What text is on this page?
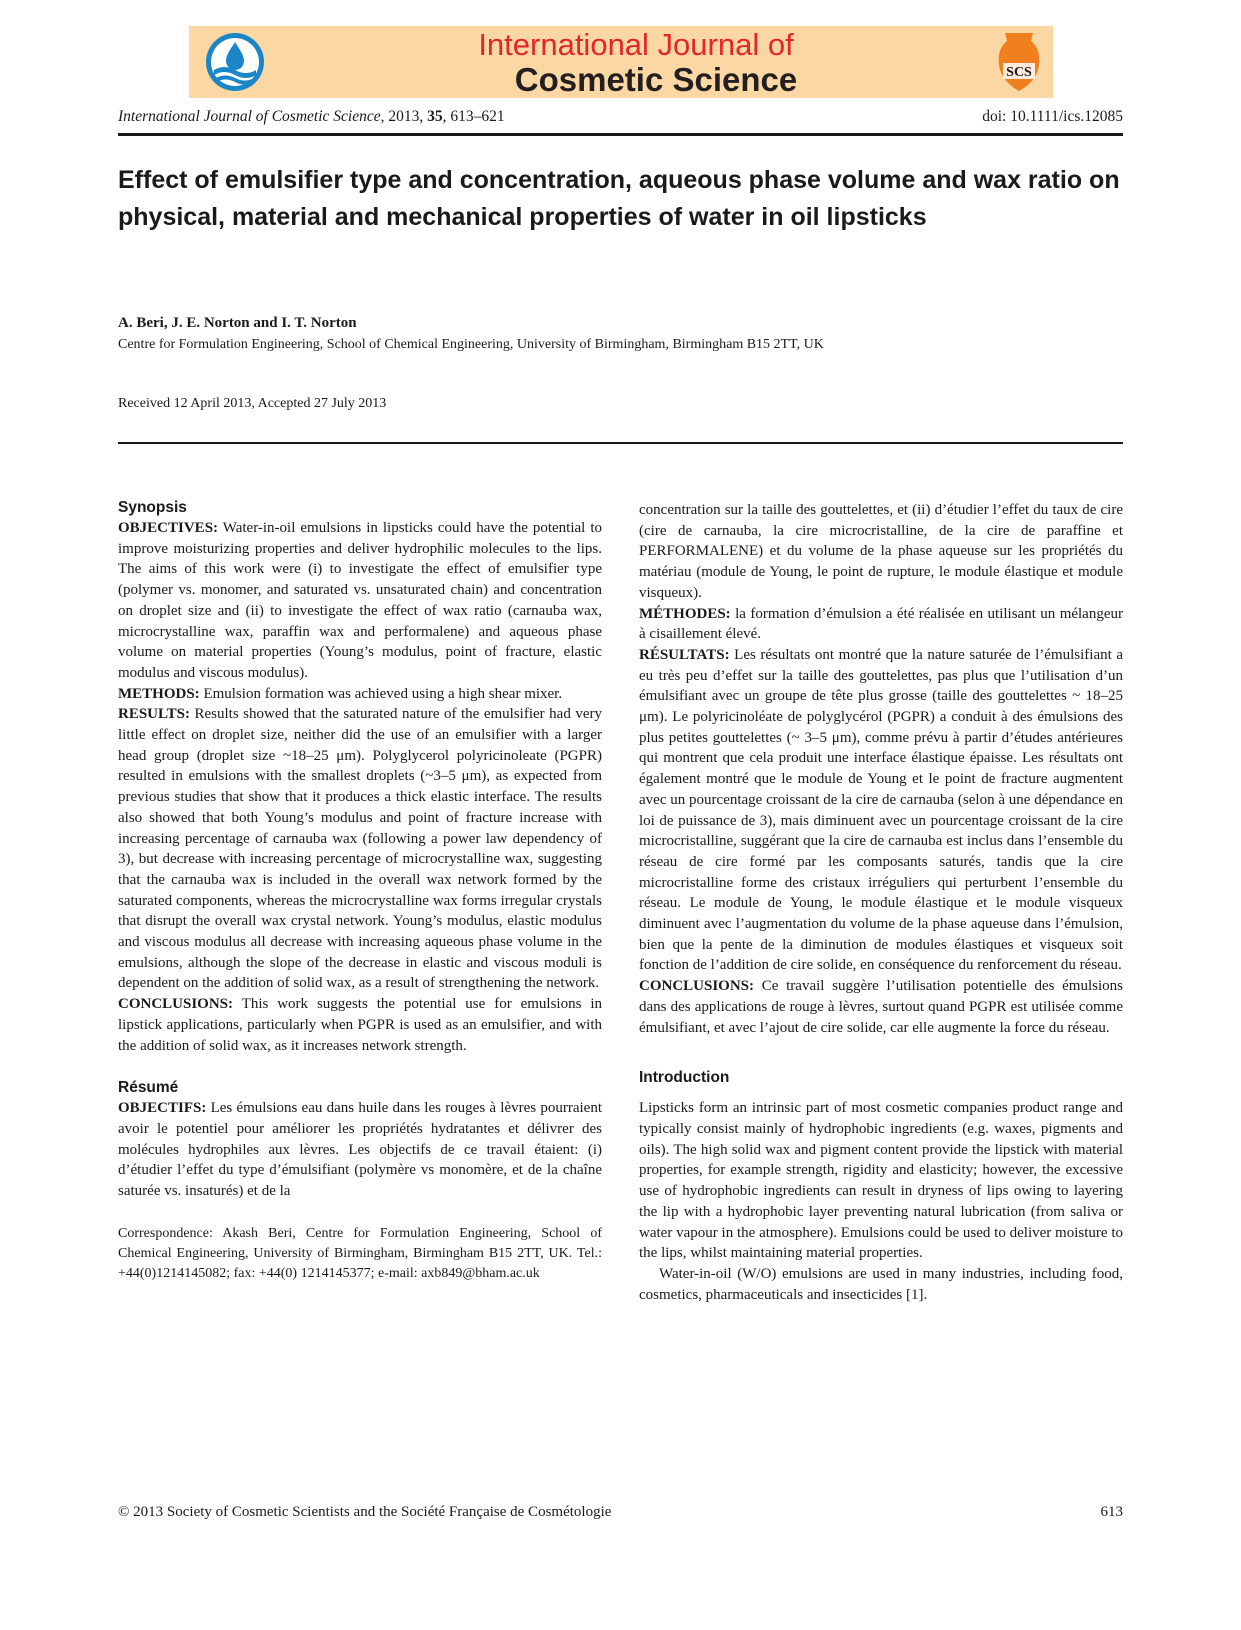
International Journal of
Cosmetic Science	SCS
International Journal of Cosmetic Science, 2013, 35, 613–621	doi: 10.1111/ics.12085
Effect of emulsifier type and concentration, aqueous phase volume and wax ratio on physical, material and mechanical properties of water in oil lipsticks
A. Beri, J. E. Norton and I. T. Norton
Centre for Formulation Engineering, School of Chemical Engineering, University of Birmingham, Birmingham B15 2TT, UK
Received 12 April 2013, Accepted 27 July 2013
Synopsis

OBJECTIVES: Water-in-oil emulsions in lipsticks could have the potential to improve moisturizing properties and deliver hydrophilic molecules to the lips. The aims of this work were (i) to investigate the effect of emulsifier type (polymer vs. monomer, and saturated vs. unsaturated chain) and concentration on droplet size and (ii) to investigate the effect of wax ratio (carnauba wax, microcrystalline wax, paraffin wax and performalene) and aqueous phase volume on material properties (Young’s modulus, point of fracture, elastic modulus and viscous modulus).

METHODS: Emulsion formation was achieved using a high shear mixer.

RESULTS: Results showed that the saturated nature of the emulsifier had very little effect on droplet size, neither did the use of an emulsifier with a larger head group (droplet size ~18–25 μm). Polyglycerol polyricinoleate (PGPR) resulted in emulsions with the smallest droplets (~3–5 μm), as expected from previous studies that show that it produces a thick elastic interface. The results also showed that both Young’s modulus and point of fracture increase with increasing percentage of carnauba wax (following a power law dependency of 3), but decrease with increasing percentage of microcrystalline wax, suggesting that the carnauba wax is included in the overall wax network formed by the saturated components, whereas the microcrystalline wax forms irregular crystals that disrupt the overall wax crystal network. Young’s modulus, elastic modulus and viscous modulus all decrease with increasing aqueous phase volume in the emulsions, although the slope of the decrease in elastic and viscous moduli is dependent on the addition of solid wax, as a result of strengthening the network.

CONCLUSIONS: This work suggests the potential use for emulsions in lipstick applications, particularly when PGPR is used as an emulsifier, and with the addition of solid wax, as it increases network strength.

Résumé

OBJECTIFS: Les émulsions eau dans huile dans les rouges à lèvres pourraient avoir le potentiel pour améliorer les propriétés hydratantes et délivrer des molécules hydrophiles aux lèvres. Les objectifs de ce travail étaient: (i) d’étudier l’effet du type d’émulsifiant (polymère vs monomère, et de la chaîne saturée vs. insaturés) et de la

Correspondence: Akash Beri, Centre for Formulation Engineering, School of Chemical Engineering, University of Birmingham, Birmingham B15 2TT, UK. Tel.: +44(0)1214145082; fax: +44(0) 1214145377; e-mail: axb849@bham.ac.uk

concentration sur la taille des gouttelettes, et (ii) d’étudier l’effet du taux de cire (cire de carnauba, la cire microcristalline, de la cire de paraffine et PERFORMALENE) et du volume de la phase aqueuse sur les propriétés du matériau (module de Young, le point de rupture, le module élastique et module visqueux).

MÉTHODES: la formation d’émulsion a été réalisée en utilisant un mélangeur à cisaillement élevé.

RÉSULTATS: Les résultats ont montré que la nature saturée de l’émulsifiant a eu très peu d’effet sur la taille des gouttelettes, pas plus que l’utilisation d’un émulsifiant avec un groupe de tête plus grosse (taille des gouttelettes ~ 18–25 μm). Le polyricinoléate de polyglycérol (PGPR) a conduit à des émulsions des plus petites gouttelettes (~ 3–5 μm), comme prévu à partir d’études antérieures qui montrent que cela produit une interface élastique épaisse. Les résultats ont également montré que le module de Young et le point de fracture augmentent avec un pourcentage croissant de la cire de carnauba (selon à une dépendance en loi de puissance de 3), mais diminuent avec un pourcentage croissant de la cire microcristalline, suggérant que la cire de carnauba est inclus dans l’ensemble du réseau de cire formé par les composants saturés, tandis que la cire microcristalline forme des cristaux irréguliers qui perturbent l’ensemble du réseau. Le module de Young, le module élastique et le module visqueux diminuent avec l’augmentation du volume de la phase aqueuse dans l’émulsion, bien que la pente de la diminution de modules élastiques et visqueux soit fonction de l’addition de cire solide, en conséquence du renforcement du réseau.

CONCLUSIONS: Ce travail suggère l’utilisation potentielle des émulsions dans des applications de rouge à lèvres, surtout quand PGPR est utilisée comme émulsifiant, et avec l’ajout de cire solide, car elle augmente la force du réseau.

Introduction

Lipsticks form an intrinsic part of most cosmetic companies product range and typically consist mainly of hydrophobic ingredients (e.g. waxes, pigments and oils). The high solid wax and pigment content provide the lipstick with material properties, for example strength, rigidity and elasticity; however, the excessive use of hydrophobic ingredients can result in dryness of lips owing to layering the lip with a hydrophobic layer preventing natural lubrication (from saliva or water vapour in the atmosphere). Emulsions could be used to deliver moisture to the lips, whilst maintaining material properties.

Water-in-oil (W/O) emulsions are used in many industries, including food, cosmetics, pharmaceuticals and insecticides [1].

© 2013 Society of Cosmetic Scientists and the Société Française de Cosmétologie	613
